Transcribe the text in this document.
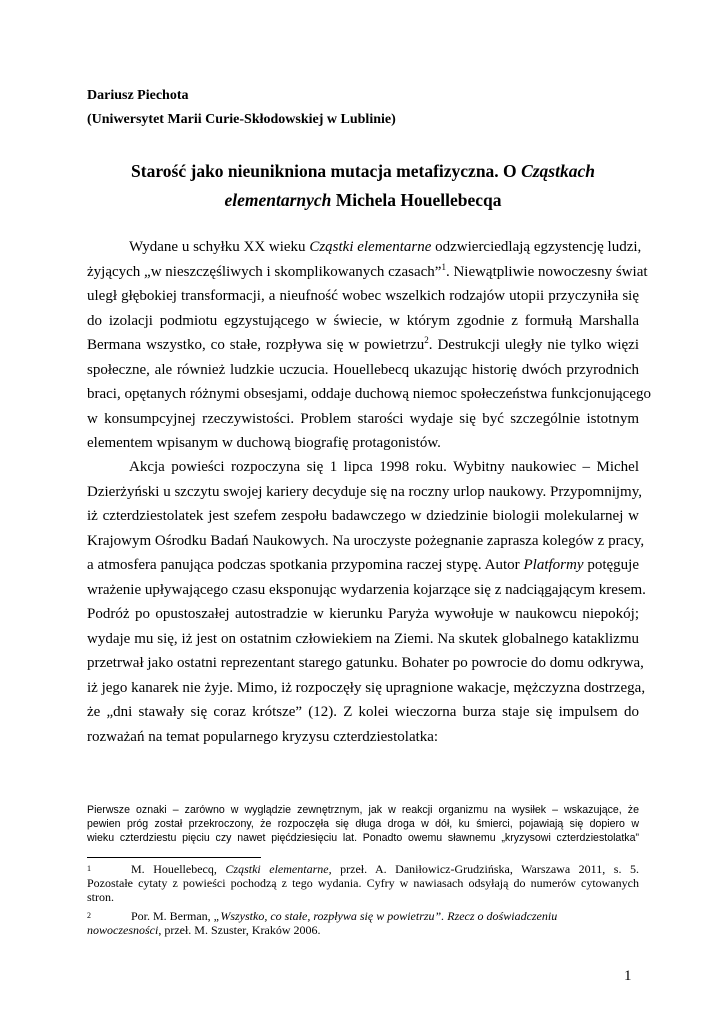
Dariusz Piechota
(Uniwersytet Marii Curie-Skłodowskiej w Lublinie)
Starość jako nieunikniona mutacja metafizyczna. O Cząstkach
elementarnych Michela Houellebecqa
Wydane u schyłku XX wieku Cząstki elementarne odzwierciedlają egzystencję ludzi,
żyjących „w nieszczęśliwych i skomplikowanych czasach”$^1$. Niewątpliwie nowoczesny świat
uległ głębokiej transformacji, a nieufność wobec wszelkich rodzajów utopii przyczyniła się
do izolacji podmiotu egzystującego w świecie, w którym zgodnie z formułą Marshalla
Bermana wszystko, co stałe, rozpływa się w powietrzu$^2$. Destrukcji uległy nie tylko więzi
społeczne, ale również ludzkie uczucia. Houellebecq ukazując historię dwóch przyrodnich
braci, opętanych różnymi obsesjami, oddaje duchową niemoc społeczeństwa funkcjonującego
w konsumpcyjnej rzeczywistości. Problem starości wydaje się być szczególnie istotnym
elementem wpisanym w duchową biografię protagonistów.
Akcja powieści rozpoczyna się 1 lipca 1998 roku. Wybitny naukowiec – Michel
Dzierżyński u szczytu swojej kariery decyduje się na roczny urlop naukowy. Przypomnijmy,
iż czterdziestolatek jest szefem zespołu badawczego w dziedzinie biologii molekularnej w
Krajowym Ośrodku Badań Naukowych. Na uroczyste pożegnanie zaprasza kolegów z pracy,
a atmosfera panująca podczas spotkania przypomina raczej stypę. Autor Platformy potęguje
wrażenie upływającego czasu eksponując wydarzenia kojarzące się z nadciągającym kresem.
Podróż po opustoszałej autostradzie w kierunku Paryża wywołuje w naukowcu niepokój;
wydaje mu się, iż jest on ostatnim człowiekiem na Ziemi. Na skutek globalnego kataklizmu
przetrwał jako ostatni reprezentant starego gatunku. Bohater po powrocie do domu odkrywa,
iż jego kanarek nie żyje. Mimo, iż rozpoczęły się upragnione wakacje, mężczyzna dostrzega,
że „dni stawały się coraz krótsze” (12). Z kolei wieczorna burza staje się impulsem do
rozważań na temat popularnego kryzysu czterdziestolatka:
Pierwsze oznaki – zarówno w wyglądzie zewnętrznym, jak w reakcji organizmu na wysiłek – wskazujące, że
pewien próg został przekroczony, że rozpoczęła się długa droga w dół, ku śmierci, pojawiają się dopiero w
wieku czterdziestu pięciu czy nawet pięćdziesięciu lat. Ponadto owemu sławnemu „kryzysowi czterdziestolatka”
1	M. Houellebecq, Cząstki elementarne, przeł. A. Daniłowicz-Grudzińska, Warszawa 2011, s. 5.
Pozostałe cytaty z powieści pochodzą z tego wydania. Cyfry w nawiasach odsyłają do numerów cytowanych
stron.
2	Por. M. Berman, „Wszystko, co stałe, rozpływa się w powietrzu”. Rzecz o doświadczeniu
nowoczesności, przeł. M. Szuster, Kraków 2006.
1
